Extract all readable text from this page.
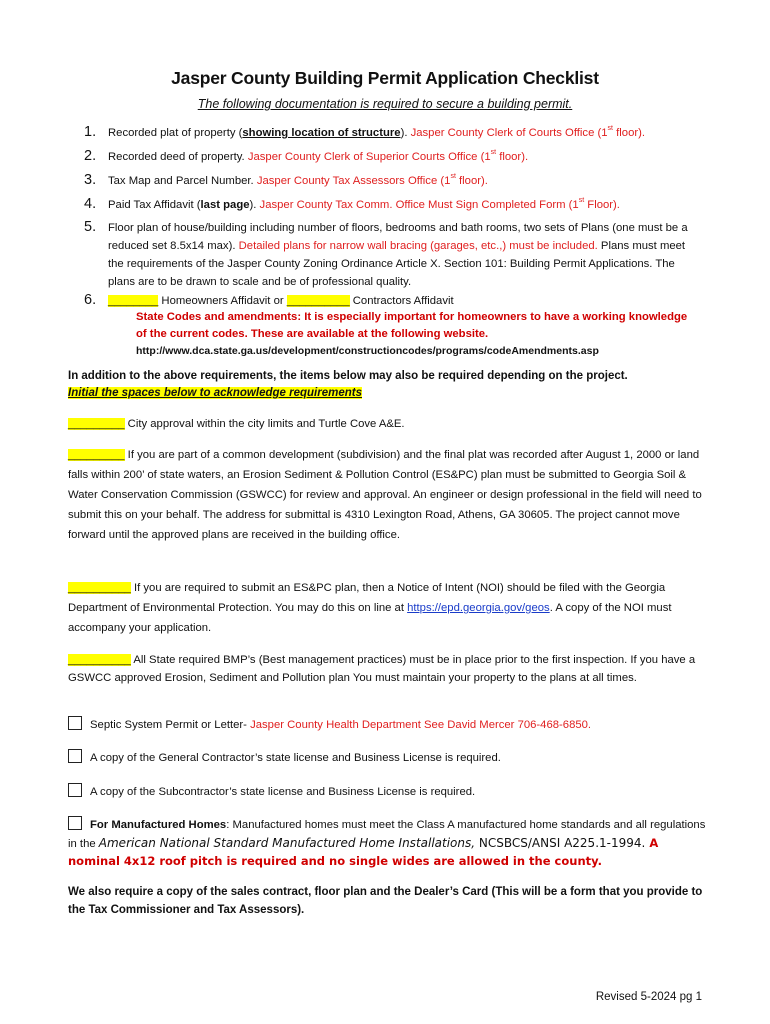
Jasper County Building Permit Application Checklist
The following documentation is required to secure a building permit.
1. Recorded plat of property (showing location of structure). Jasper County Clerk of Courts Office (1st floor).
2. Recorded deed of property. Jasper County Clerk of Superior Courts Office (1st floor).
3. Tax Map and Parcel Number. Jasper County Tax Assessors Office (1st floor).
4. Paid Tax Affidavit (last page). Jasper County Tax Comm. Office Must Sign Completed Form (1st Floor).
5. Floor plan of house/building including number of floors, bedrooms and bath rooms, two sets of Plans (one must be a reduced set 8.5x14 max). Detailed plans for narrow wall bracing (garages, etc.,) must be included. Plans must meet the requirements of the Jasper County Zoning Ordinance Article X. Section 101: Building Permit Applications. The plans are to be drawn to scale and be of professional quality.
6. ________ Homeowners Affidavit or __________ Contractors Affidavit
State Codes and amendments: It is especially important for homeowners to have a working knowledge of the current codes. These are available at the following website.
http://www.dca.state.ga.us/development/constructioncodes/programs/codeAmendments.asp
In addition to the above requirements, the items below may also be required depending on the project.
Initial the spaces below to acknowledge requirements
_________ City approval within the city limits and Turtle Cove A&E.
_________ If you are part of a common development (subdivision) and the final plat was recorded after August 1, 2000 or land falls within 200’ of state waters, an Erosion Sediment & Pollution Control (ES&PC) plan must be submitted to Georgia Soil & Water Conservation Commission (GSWCC) for review and approval. An engineer or design professional in the field will need to submit this on your behalf. The address for submittal is 4310 Lexington Road, Athens, GA 30605. The project cannot move forward until the approved plans are received in the building office.
__________ If you are required to submit an ES&PC plan, then a Notice of Intent (NOI) should be filed with the Georgia Department of Environmental Protection. You may do this on line at https://epd.georgia.gov/geos. A copy of the NOI must accompany your application.
__________ All State required BMP’s (Best management practices) must be in place prior to the first inspection. If you have a GSWCC approved Erosion, Sediment and Pollution plan You must maintain your property to the plans at all times.
Septic System Permit or Letter- Jasper County Health Department See David Mercer 706-468-6850.
A copy of the General Contractor’s state license and Business License is required.
A copy of the Subcontractor’s state license and Business License is required.
For Manufactured Homes: Manufactured homes must meet the Class A manufactured home standards and all regulations in the American National Standard Manufactured Home Installations, NCSBCS/ANSI A225.1-1994. A nominal 4x12 roof pitch is required and no single wides are allowed in the county.
We also require a copy of the sales contract, floor plan and the Dealer’s Card (This will be a form that you provide to the Tax Commissioner and Tax Assessors).
Revised 5-2024 pg 1
